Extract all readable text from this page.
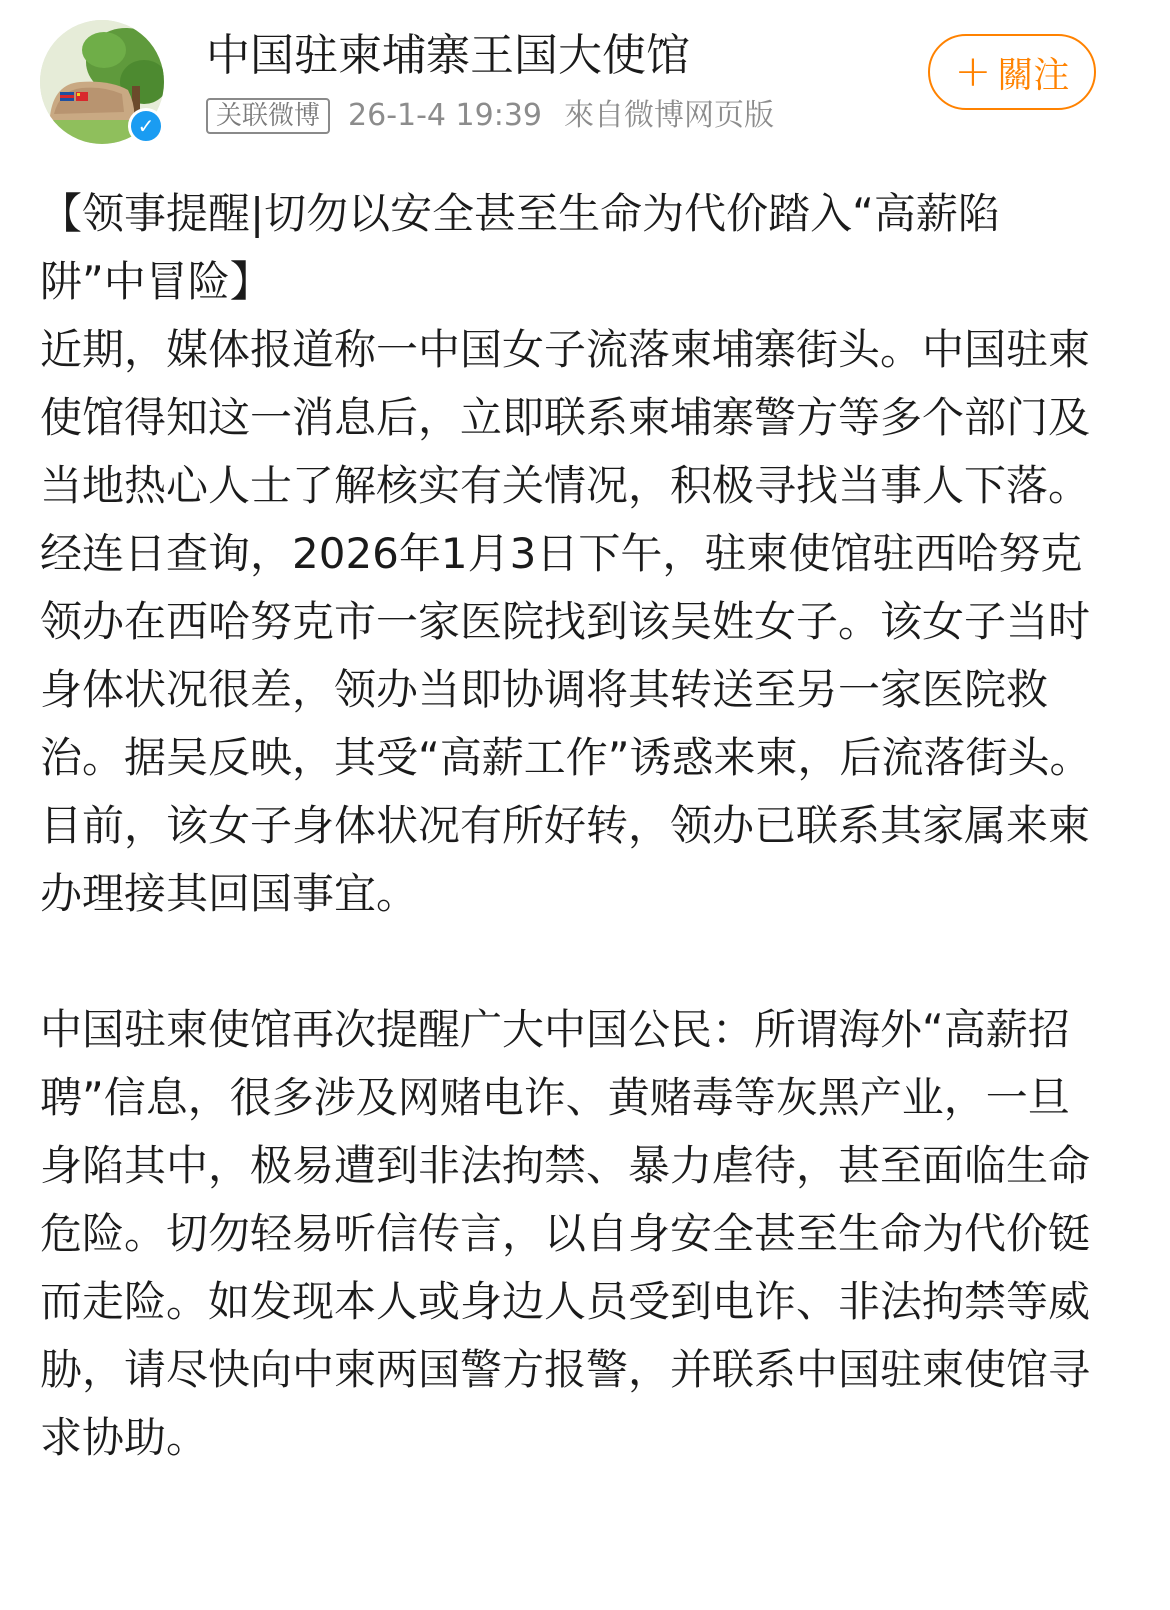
✓
中国驻柬埔寨王国大使馆
关联微博 26-1-4 19:39 來自微博网页版
+ 關注

【领事提醒|切勿以安全甚至生命为代价踏入“高薪陷阱”中冒险】

近期，媒体报道称一中国女子流落柬埔寨街头。中国驻柬使馆得知这一消息后，立即联系柬埔寨警方等多个部门及当地热心人士了解核实有关情况，积极寻找当事人下落。经连日查询，2026年1月3日下午，驻柬使馆驻西哈努克领办在西哈努克市一家医院找到该吴姓女子。该女子当时身体状况很差，领办当即协调将其转送至另一家医院救治。据吴反映，其受“高薪工作”诱惑来柬，后流落街头。目前，该女子身体状况有所好转，领办已联系其家属来柬办理接其回国事宜。

中国驻柬使馆再次提醒广大中国公民：所谓海外“高薪招聘”信息，很多涉及网赌电诈、黄赌毒等灰黑产业，一旦身陷其中，极易遭到非法拘禁、暴力虐待，甚至面临生命危险。切勿轻易听信传言，以自身安全甚至生命为代价铤而走险。如发现本人或身边人员受到电诈、非法拘禁等威胁，请尽快向中柬两国警方报警，并联系中国驻柬使馆寻求协助。
